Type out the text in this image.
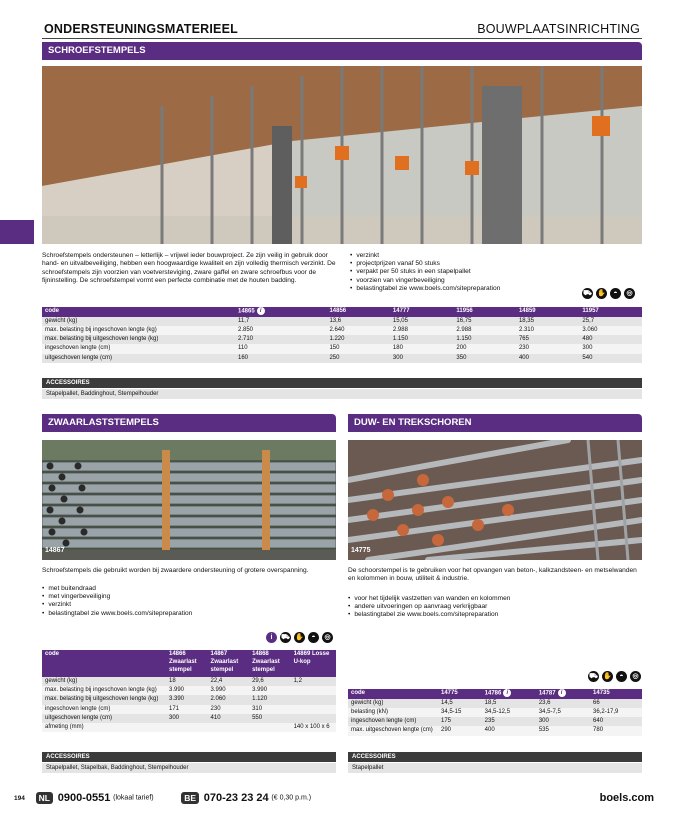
ONDERSTEUNINGSMATERIEEL	BOUWPLAATSINRICHTING
SCHROEFSTEMPELS
Schroefstempels ondersteunen – letterlijk – vrijwel ieder bouwproject. Ze zijn veilig in gebruik door hand- en uitvalbeveiliging, hebben een hoogwaardige kwaliteit en zijn volledig thermisch verzinkt. De schroefstempels zijn voorzien van voetversteviging, zware gaffel en zware schroefbus voor de fijninstelling. De schroefstempel vormt een perfecte combinatie met de houten badding.
• verzinkt
• projectprijzen vanaf 50 stuks
• verpakt per 50 stuks in een stapelpallet
• voorzien van vingerbeveiliging
• belastingtabel zie www.boels.com/sitepreparation
⛟ ✋	◓	◎
code	14865 i	14856	14777	11956	14859	11957
gewicht (kg)	11,7	13,6	15,05	16,75	18,35	25,7
max. belasting bij ingeschoven lengte (kg)	2.850	2.640	2.988	2.988	2.310	3.060
max. belasting bij uitgeschoven lengte (kg)	2.710	1.220	1.150	1.150	765	480
ingeschoven lengte (cm)	110	150	180	200	230	300
uitgeschoven lengte (cm)	160	250	300	350	400	540
ACCESSOIRES
Stapelpallet, Baddinghout, Stempelhouder
ZWAARLASTSTEMPELS
14867
Schroefstempels die gebruikt worden bij zwaardere ondersteuning of grotere overspanning.
• met buitendraad
• met vingerbeveiliging
• verzinkt
• belastingtabel zie www.boels.com/sitepreparation
i	⛟ ✋	◓	◎
code	14866 Zwaarlast stempel	14867 Zwaarlast stempel	14868 Zwaarlast stempel	14869 Losse U-kop
gewicht (kg)	18	22,4	29,6	1,2
max. belasting bij ingeschoven lengte (kg)	3.990	3.990	3.990	
max. belasting bij uitgeschoven lengte (kg)	3.390	2.060	1.120	
ingeschoven lengte (cm)	171	230	310	
uitgeschoven lengte (cm)	300	410	550	
afmeting (mm)				140 x 100 x 6
ACCESSOIRES
Stapelpallet, Stapelbak, Baddinghout, Stempelhouder
DUW- EN TREKSCHOREN
14775
De schoorstempel is te gebruiken voor het opvangen van beton-, kalkzandsteen- en metselwanden en kolommen in bouw, utiliteit & industrie.
• voor het tijdelijk vastzetten van wanden en kolommen
• andere uitvoeringen op aanvraag verkrijgbaar
• belastingtabel zie www.boels.com/sitepreparation
⛟ ✋	◓	◎
code	14775	14786 i	14787 i	14735
gewicht (kg)	14,5	18,5	23,6	66
belasting (kN)	34,5-15	34,5-12,5	34,5-7,5	36,2-17,9
ingeschoven lengte (cm)	175	235	300	640
max. uitgeschoven lengte (cm)	290	400	535	780
ACCESSOIRES
Stapelpallet
194 NL 0900-0551 (lokaal tarief)	BE 070-23 23 24 (€ 0,30 p.m.)	boels.com
